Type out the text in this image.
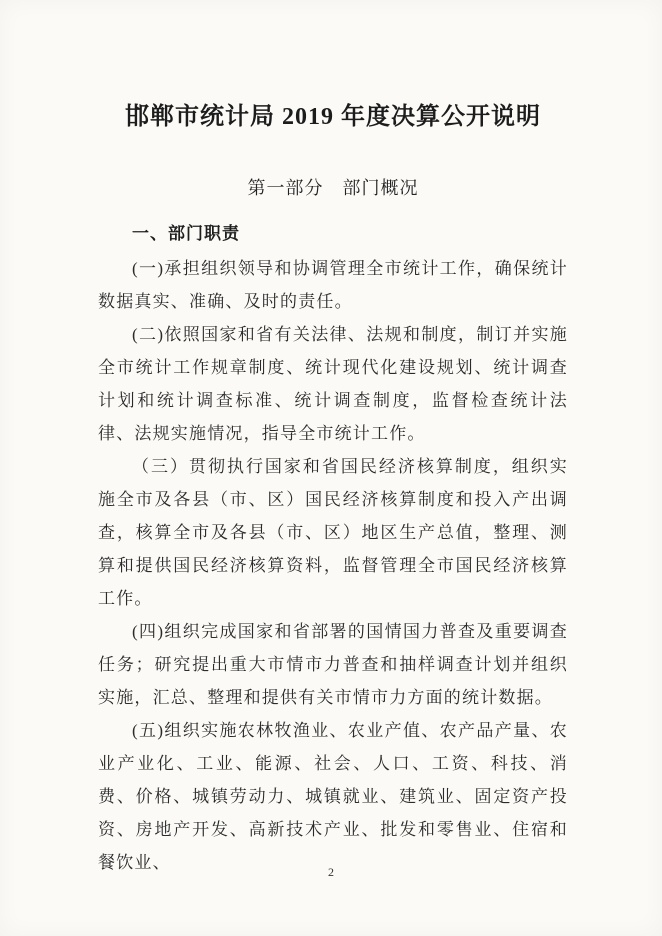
邯郸市统计局 2019 年度决算公开说明
第一部分　部门概况
一、部门职责

(一)承担组织领导和协调管理全市统计工作，确保统计数据真实、准确、及时的责任。

(二)依照国家和省有关法律、法规和制度，制订并实施全市统计工作规章制度、统计现代化建设规划、统计调查计划和统计调查标准、统计调查制度，监督检查统计法律、法规实施情况，指导全市统计工作。

（三）贯彻执行国家和省国民经济核算制度，组织实施全市及各县（市、区）国民经济核算制度和投入产出调查，核算全市及各县（市、区）地区生产总值，整理、测算和提供国民经济核算资料，监督管理全市国民经济核算工作。

(四)组织完成国家和省部署的国情国力普查及重要调查任务；研究提出重大市情市力普查和抽样调查计划并组织实施，汇总、整理和提供有关市情市力方面的统计数据。

(五)组织实施农林牧渔业、农业产值、农产品产量、农业产业化、工业、能源、社会、人口、工资、科技、消费、价格、城镇劳动力、城镇就业、建筑业、固定资产投资、房地产开发、高新技术产业、批发和零售业、住宿和餐饮业、	2
